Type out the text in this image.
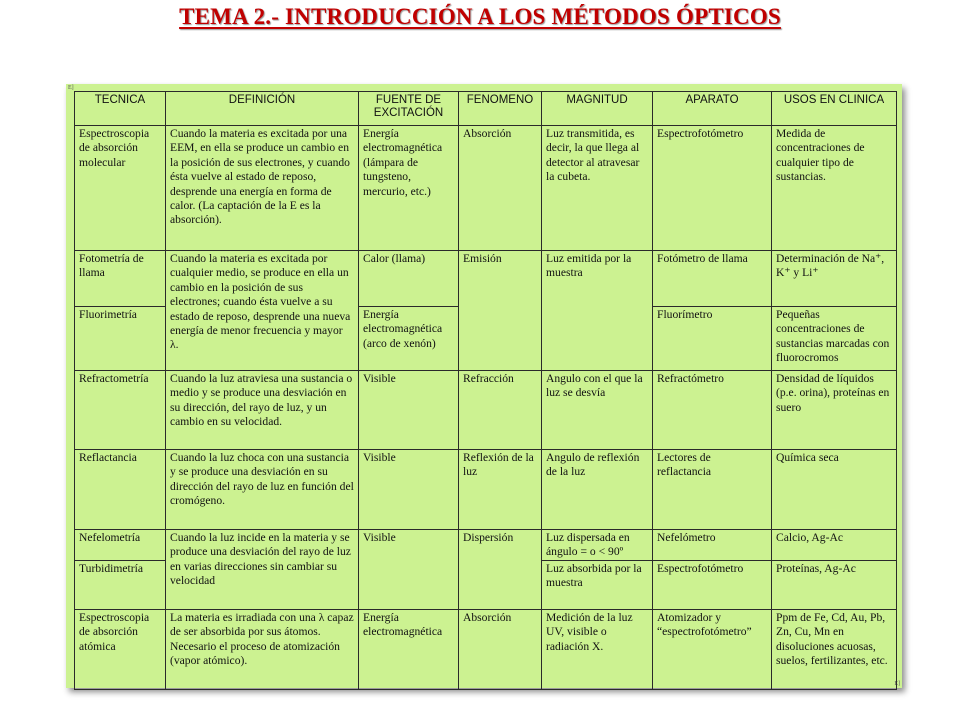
TEMA 2.- INTRODUCCIÓN A LOS MÉTODOS ÓPTICOS
E]
E]
TECNICA	DEFINICIÓN	FUENTE DE EXCITACIÓN	FENOMENO	MAGNITUD	APARATO	USOS EN CLINICA
Espectroscopia de absorción molecular	Cuando la materia es excitada por una EEM, en ella se produce un cambio en la posición de sus electrones, y cuando ésta vuelve al estado de reposo, desprende una energía en forma de calor. (La captación de la E es la absorción).	Energía electromagnética (lámpara de tungsteno, mercurio, etc.)	Absorción	Luz transmitida, es decir, la que llega al detector al atravesar la cubeta.	Espectrofotómetro	Medida de concentraciones de cualquier tipo de sustancias.
Fotometría de llama	Cuando la materia es excitada por cualquier medio, se produce en ella un cambio en la posición de sus electrones; cuando ésta vuelve a su estado de reposo, desprende una nueva energía de menor frecuencia y mayor λ.	Calor (llama)	Emisión	Luz emitida por la muestra	Fotómetro de llama	Determinación de Na⁺, K⁺ y Li⁺
Fluorimetría		Energía electromagnética (arco de xenón)			Fluorímetro	Pequeñas concentraciones de sustancias marcadas con fluorocromos
Refractometría	Cuando la luz atraviesa una sustancia o medio y se produce una desviación en su dirección, del rayo de luz, y un cambio en su velocidad.	Visible	Refracción	Angulo con el que la luz se desvía	Refractómetro	Densidad de líquidos (p.e. orina), proteínas en suero
Reflactancia	Cuando la luz choca con una sustancia y se produce una desviación en su dirección del rayo de luz en función del cromógeno.	Visible	Reflexión de la luz	Angulo de reflexión de la luz	Lectores de reflactancia	Química seca
Nefelometría	Cuando la luz incide en la materia y se produce una desviación del rayo de luz en varias direcciones sin cambiar su velocidad	Visible	Dispersión	Luz dispersada en ángulo = o < 90º	Nefelómetro	Calcio, Ag-Ac
Turbidimetría				Luz absorbida por la muestra	Espectrofotómetro	Proteínas, Ag-Ac
Espectroscopia de absorción atómica	La materia es irradiada con una λ capaz de ser absorbida por sus átomos. Necesario el proceso de atomización (vapor atómico).	Energía electromagnética	Absorción	Medición de la luz UV, visible o radiación X.	Atomizador y “espectrofotómetro”	Ppm de Fe, Cd, Au, Pb, Zn, Cu, Mn en disoluciones acuosas, suelos, fertilizantes, etc.
